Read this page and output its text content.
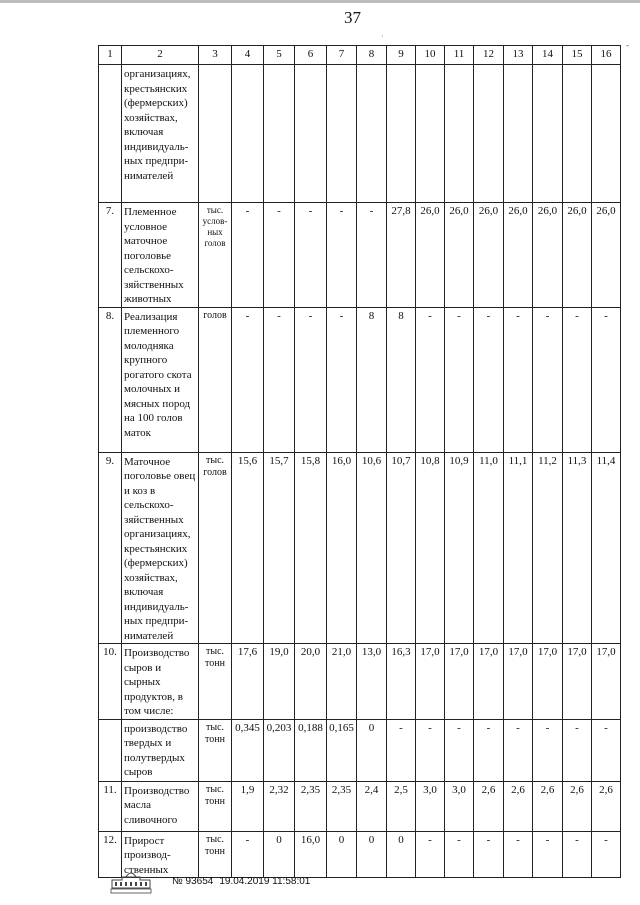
37
·
-
1	2	3	4	5	6	7	8	9	10	11	12	13	14	15	16
	организациях, крестьянских (фермерских) хозяйствах, включая индивидуаль- ных предпри- нимателей														
7.	Племенное условное маточное поголовье сельскохо- зяйственных животных	тыс. услов- ных голов	-	-	-	-	-	27,8	26,0	26,0	26,0	26,0	26,0	26,0	26,0
8.	Реализация племенного молодняка крупного рогатого скота молочных и мясных пород на 100 голов маток	голов	-	-	-	-	8	8	-	-	-	-	-	-	-
9.	Маточное поголовье овец и коз в сельскохо- зяйственных организациях, крестьянских (фермерских) хозяйствах, включая индивидуаль- ных предпри- нимателей	тыс. голов	15,6	15,7	15,8	16,0	10,6	10,7	10,8	10,9	11,0	11,1	11,2	11,3	11,4
10.	Производство сыров и сырных продуктов, в том числе:	тыс. тонн	17,6	19,0	20,0	21,0	13,0	16,3	17,0	17,0	17,0	17,0	17,0	17,0	17,0
	производство твердых и полутвердых сыров	тыс. тонн	0,345	0,203	0,188	0,165	0	-	-	-	-	-	-	-	-
11.	Производство масла сливочного	тыс. тонн	1,9	2,32	2,35	2,35	2,4	2,5	3,0	3,0	2,6	2,6	2,6	2,6	2,6
12.	Прирост производ- ственных	тыс. тонн	-	0	16,0	0	0	0	-	-	-	-	-	-	-
№ 93654 19.04.2019 11:58:01
